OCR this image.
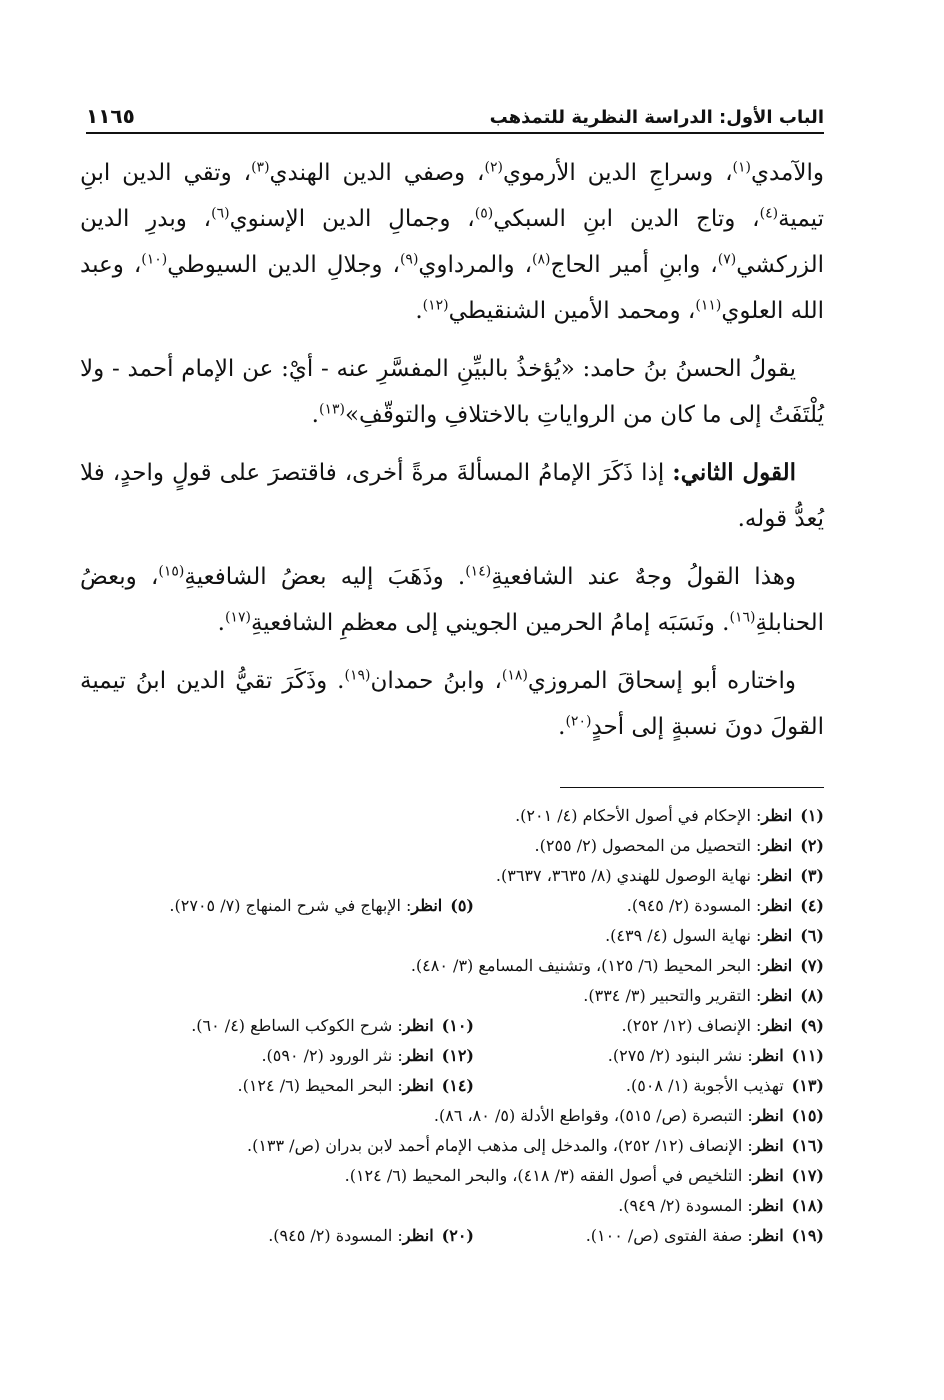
الباب الأول: الدراسة النظرية للتمذهب
١١٦٥

والآمدي$^{(١)}$، وسراجِ الدين الأرموي$^{(٢)}$، وصفي الدين الهندي$^{(٣)}$، وتقي الدين ابنِ تيمية$^{(٤)}$، وتاج الدين ابنِ السبكي$^{(٥)}$، وجمالِ الدين الإسنوي$^{(٦)}$، وبدرِ الدين الزركشي$^{(٧)}$، وابنِ أمير الحاج$^{(٨)}$، والمرداوي$^{(٩)}$، وجلالِ الدين السيوطي$^{(١٠)}$، وعبد الله العلوي$^{(١١)}$، ومحمد الأمين الشنقيطي$^{(١٢)}$.

يقولُ الحسنُ بنُ حامد: «يُؤخذُ بالبيِّنِ المفسَّرِ عنه - أيْ: عن الإمام أحمد - ولا يُلْتَفَتُ إلى ما كان من الرواياتِ بالاختلافِ والتوقّفِ»$^{(١٣)}$.

القول الثاني: إذا ذَكَرَ الإمامُ المسألةَ مرةً أخرى، فاقتصرَ على قولٍ واحدٍ، فلا يُعدُّ قوله.

وهذا القولُ وجهٌ عند الشافعيةِ$^{(١٤)}$. وذَهَبَ إليه بعضُ الشافعيةِ$^{(١٥)}$، وبعضُ الحنابلةِ$^{(١٦)}$. ونَسَبَه إمامُ الحرمين الجويني إلى معظمِ الشافعيةِ$^{(١٧)}$.

واختاره أبو إسحاقَ المروزي$^{(١٨)}$، وابنُ حمدان$^{(١٩)}$. وذَكَرَ تقيُّ الدين ابنُ تيمية القولَ دونَ نسبةٍ إلى أحدٍ$^{(٢٠)}$.

(١)انظر: الإحكام في أصول الأحكام (٤/ ٢٠١).
(٢)انظر: التحصيل من المحصول (٢/ ٢٥٥).
(٣)انظر: نهاية الوصول للهندي (٨/ ٣٦٣٥، ٣٦٣٧).
(٤)انظر: المسودة (٢/ ٩٤٥).(٥)انظر: الإبهاج في شرح المنهاج (٧/ ٢٧٠٥).
(٦)انظر: نهاية السول (٤/ ٤٣٩).
(٧)انظر: البحر المحيط (٦/ ١٢٥)، وتشنيف المسامع (٣/ ٤٨٠).
(٨)انظر: التقرير والتحبير (٣/ ٣٣٤).
(٩)انظر: الإنصاف (١٢/ ٢٥٢).(١٠)انظر: شرح الكوكب الساطع (٤/ ٦٠).
(١١)انظر: نشر البنود (٢/ ٢٧٥).(١٢)انظر: نثر الورود (٢/ ٥٩٠).
(١٣)تهذيب الأجوبة (١/ ٥٠٨).(١٤)انظر: البحر المحيط (٦/ ١٢٤).
(١٥)انظر: التبصرة (ص/ ٥١٥)، وقواطع الأدلة (٥/ ٨٠، ٨٦).
(١٦)انظر: الإنصاف (١٢/ ٢٥٢)، والمدخل إلى مذهب الإمام أحمد لابن بدران (ص/ ١٣٣).
(١٧)انظر: التلخيص في أصول الفقه (٣/ ٤١٨)، والبحر المحيط (٦/ ١٢٤).
(١٨)انظر: المسودة (٢/ ٩٤٩).
(١٩)انظر: صفة الفتوى (ص/ ١٠٠).(٢٠)انظر: المسودة (٢/ ٩٤٥).
